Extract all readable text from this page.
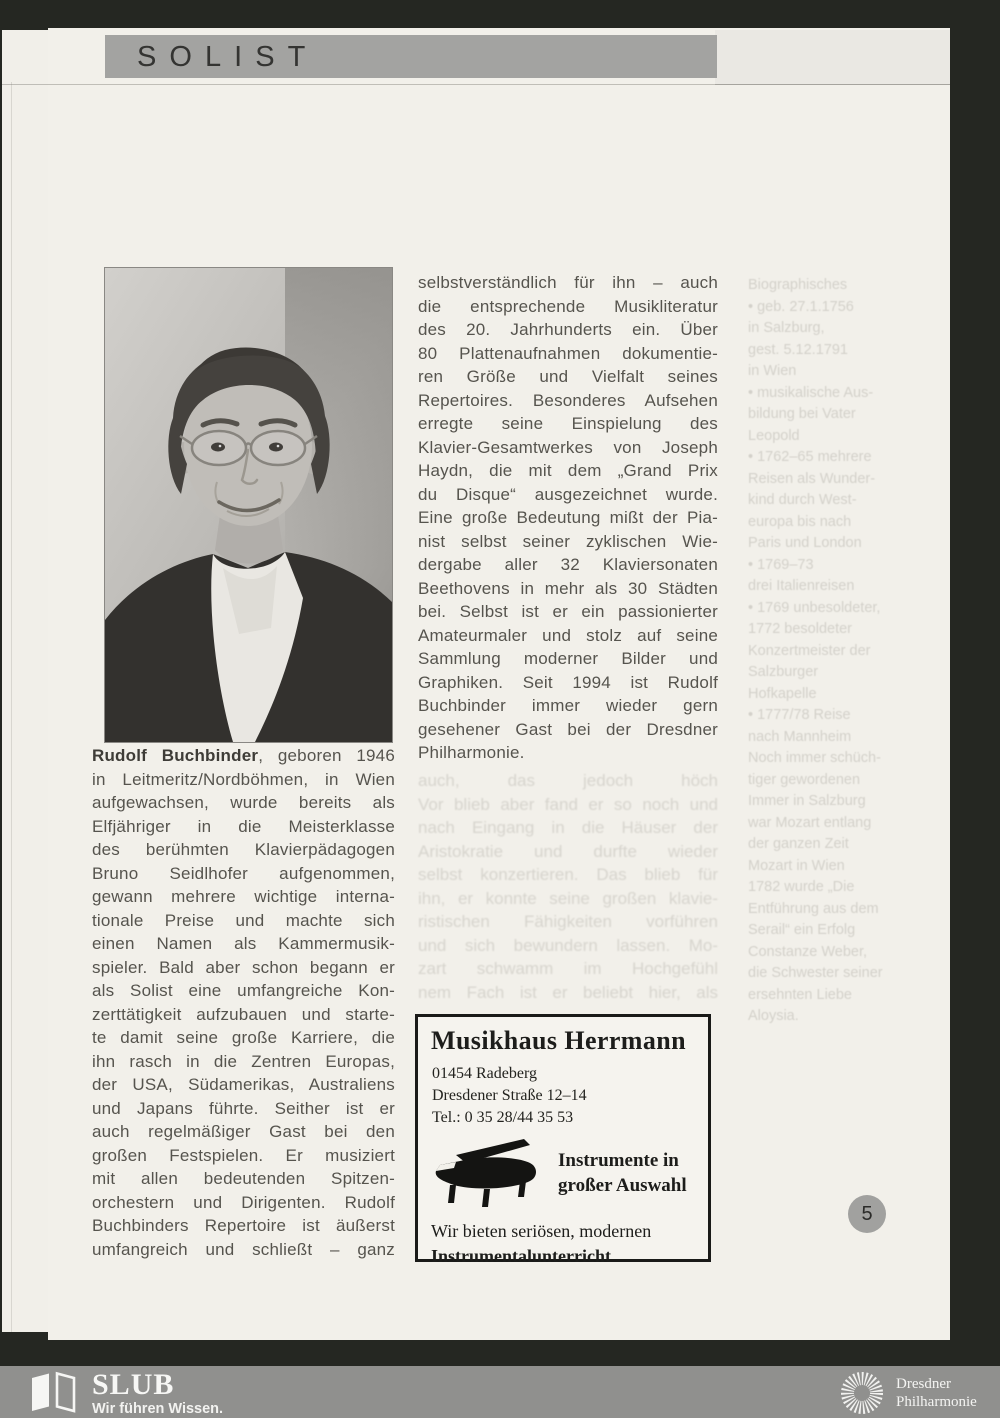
SOLIST
Biographisches
• geb. 27.1.1756
in Salzburg,
gest. 5.12.1791
in Wien
• musikalische Aus-
bildung bei Vater
Leopold
• 1762–65 mehrere
Reisen als Wunder-
kind durch West-
europa bis nach
Paris und London
• 1769–73
drei Italienreisen
• 1769 unbesoldeter,
1772 besoldeter
Konzertmeister der
Salzburger
Hofkapelle
• 1777/78 Reise
nach Mannheim
Noch immer schüch-
tiger gewordenen
Immer in Salzburg
war Mozart entlang
der ganzen Zeit
Mozart in Wien
1782 wurde „Die
Entführung aus dem
Serail“ ein Erfolg
Constanze Weber,
die Schwester seiner
ersehnten Liebe
Aloysia.
auch, das jedoch höch
Vor blieb aber fand er so noch und
nach Eingang in die Häuser der
Aristokratie und durfte wieder
selbst konzertieren. Das blieb für
ihn, er konnte seine großen klavie-
ristischen Fähigkeiten vorführen
und sich bewundern lassen. Mo-
zart schwamm im Hochgefühl
nem Fach ist er beliebt hier, als
Rudolf Buchbinder, geboren 1946
in Leitmeritz/Nordböhmen, in Wien
aufgewachsen, wurde bereits als
Elfjähriger in die Meisterklasse
des berühmten Klavierpädagogen
Bruno Seidlhofer aufgenommen,
gewann mehrere wichtige interna-
tionale Preise und machte sich
einen Namen als Kammermusik-
spieler. Bald aber schon begann er
als Solist eine umfangreiche Kon-
zerttätigkeit aufzubauen und starte-
te damit seine große Karriere, die
ihn rasch in die Zentren Europas,
der USA, Südamerikas, Australiens
und Japans führte. Seither ist er
auch regelmäßiger Gast bei den
großen Festspielen. Er musiziert
mit allen bedeutenden Spitzen-
orchestern und Dirigenten. Rudolf
Buchbinders Repertoire ist äußerst
umfangreich und schließt – ganz
selbstverständlich für ihn – auch
die entsprechende Musikliteratur
des 20. Jahrhunderts ein. Über
80 Plattenaufnahmen dokumentie-
ren Größe und Vielfalt seines
Repertoires. Besonderes Aufsehen
erregte seine Einspielung des
Klavier-Gesamtwerkes von Joseph
Haydn, die mit dem „Grand Prix
du Disque“ ausgezeichnet wurde.
Eine große Bedeutung mißt der Pia-
nist selbst seiner zyklischen Wie-
dergabe aller 32 Klaviersonaten
Beethovens in mehr als 30 Städten
bei. Selbst ist er ein passionierter
Amateurmaler und stolz auf seine
Sammlung moderner Bilder und
Graphiken. Seit 1994 ist Rudolf
Buchbinder immer wieder gern
gesehener Gast bei der Dresdner
Philharmonie.
Musikhaus Herrmann
01454 Radeberg
Dresdener Straße 12–14
Tel.: 0 35 28/44 35 53
Instrumente in
großer Auswahl
Wir bieten seriösen, modernen
Instrumentalunterricht
5
SLUB
Wir führen Wissen.
Dresdner
Philharmonie
